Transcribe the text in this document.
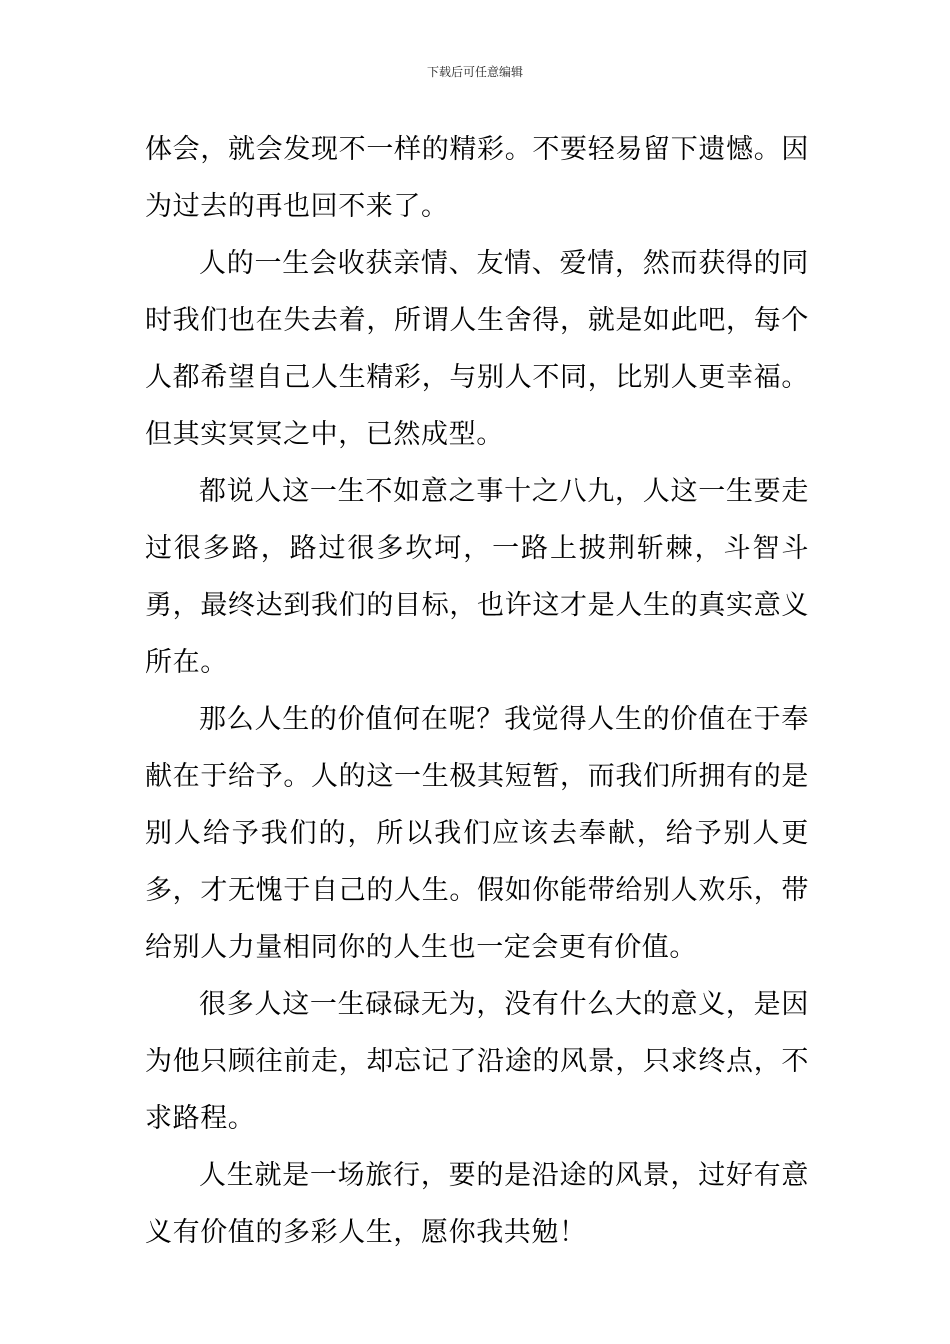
下载后可任意编辑

体会，就会发现不一样的精彩。不要轻易留下遗憾。因为过去的再也回不来了。

人的一生会收获亲情、友情、爱情，然而获得的同时我们也在失去着，所谓人生舍得，就是如此吧，每个人都希望自己人生精彩，与别人不同，比别人更幸福。但其实冥冥之中，已然成型。

都说人这一生不如意之事十之八九，人这一生要走过很多路，路过很多坎坷，一路上披荆斩棘，斗智斗勇，最终达到我们的目标，也许这才是人生的真实意义所在。

那么人生的价值何在呢？我觉得人生的价值在于奉献在于给予。人的这一生极其短暂，而我们所拥有的是别人给予我们的，所以我们应该去奉献，给予别人更多，才无愧于自己的人生。假如你能带给别人欢乐，带给别人力量相同你的人生也一定会更有价值。

很多人这一生碌碌无为，没有什么大的意义，是因为他只顾往前走，却忘记了沿途的风景，只求终点，不求路程。

人生就是一场旅行，要的是沿途的风景，过好有意义有价值的多彩人生，愿你我共勉！
